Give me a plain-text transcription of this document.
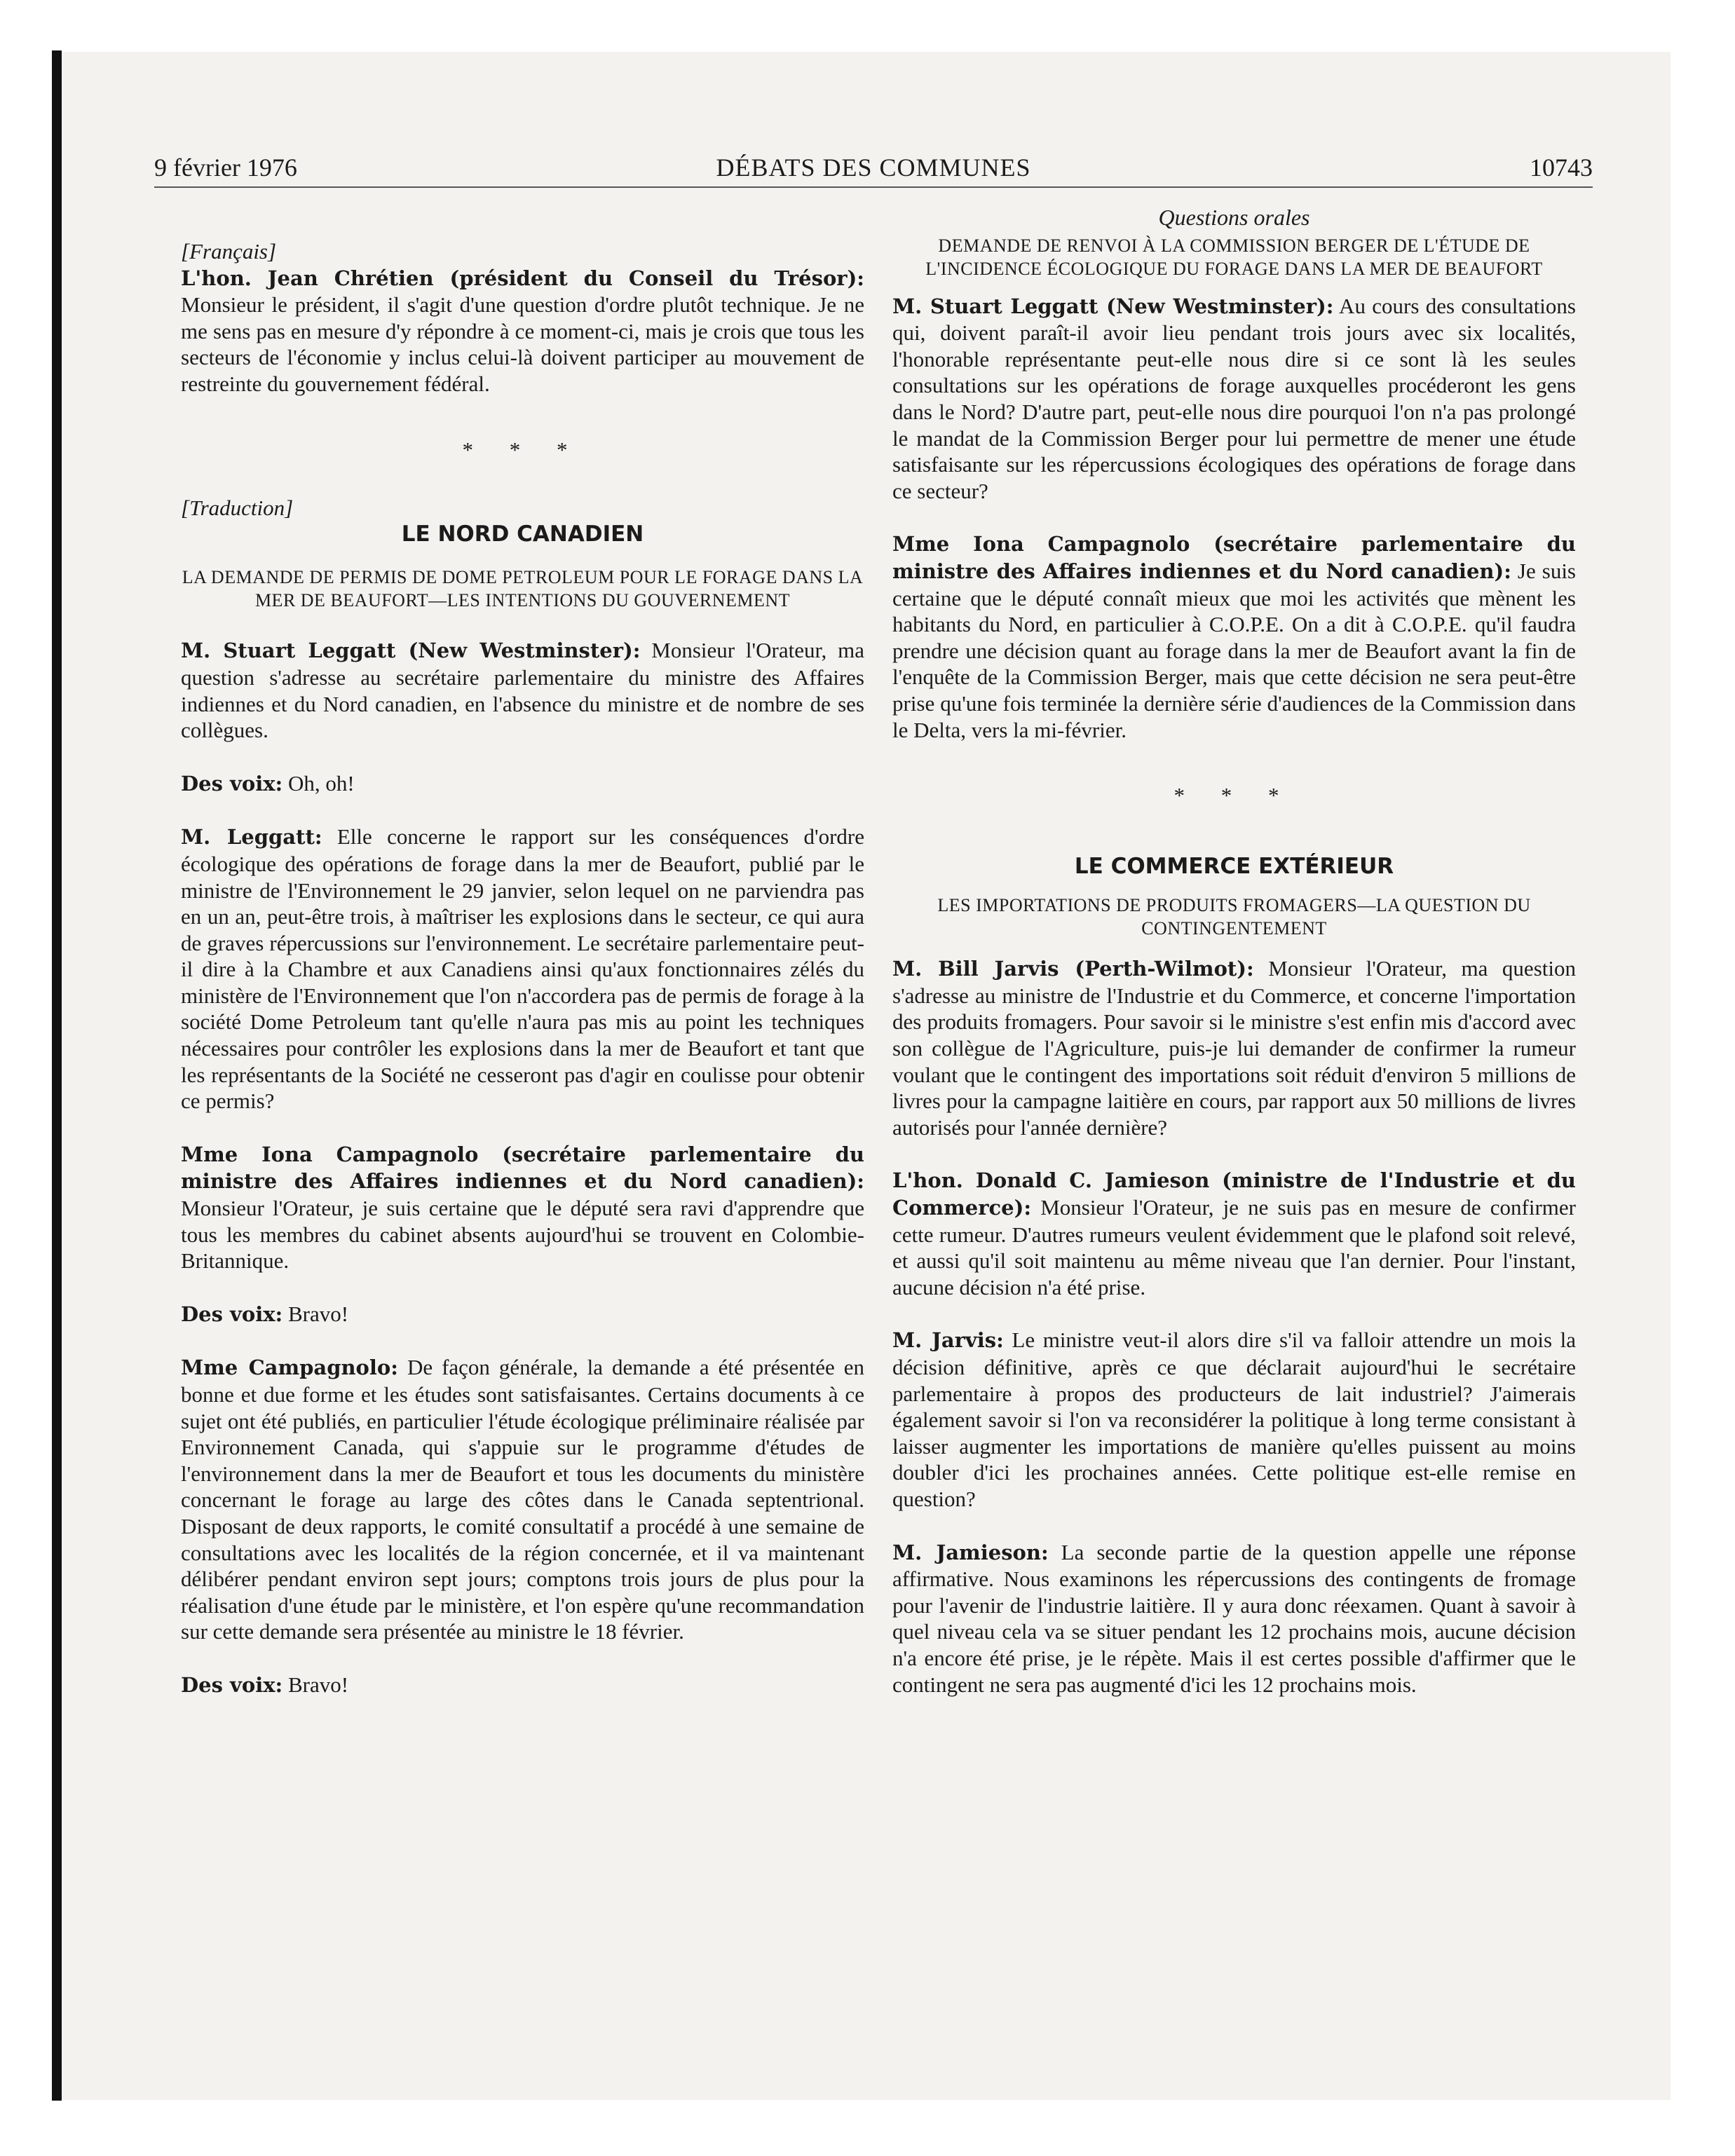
9 février 1976	DÉBATS DES COMMUNES	10743

[Français]

L'hon. Jean Chrétien (président du Conseil du Trésor): Monsieur le président, il s'agit d'une question d'ordre plutôt technique. Je ne me sens pas en mesure d'y répondre à ce moment-ci, mais je crois que tous les secteurs de l'économie y inclus celui-là doivent participer au mouvement de restreinte du gouvernement fédéral.

* * *

[Traduction]

LE NORD CANADIEN

LA DEMANDE DE PERMIS DE DOME PETROLEUM POUR LE FORAGE DANS LA MER DE BEAUFORT—LES INTENTIONS DU GOUVERNEMENT

M. Stuart Leggatt (New Westminster): Monsieur l'Orateur, ma question s'adresse au secrétaire parlementaire du ministre des Affaires indiennes et du Nord canadien, en l'absence du ministre et de nombre de ses collègues.

Des voix: Oh, oh!

M. Leggatt: Elle concerne le rapport sur les conséquences d'ordre écologique des opérations de forage dans la mer de Beaufort, publié par le ministre de l'Environnement le 29 janvier, selon lequel on ne parviendra pas en un an, peut-être trois, à maîtriser les explosions dans le secteur, ce qui aura de graves répercussions sur l'environnement. Le secrétaire parlementaire peut-il dire à la Chambre et aux Canadiens ainsi qu'aux fonctionnaires zélés du ministère de l'Environnement que l'on n'accordera pas de permis de forage à la société Dome Petroleum tant qu'elle n'aura pas mis au point les techniques nécessaires pour contrôler les explosions dans la mer de Beaufort et tant que les représentants de la Société ne cesseront pas d'agir en coulisse pour obtenir ce permis?

Mme Iona Campagnolo (secrétaire parlementaire du ministre des Affaires indiennes et du Nord canadien): Monsieur l'Orateur, je suis certaine que le député sera ravi d'apprendre que tous les membres du cabinet absents aujourd'hui se trouvent en Colombie-Britannique.

Des voix: Bravo!

Mme Campagnolo: De façon générale, la demande a été présentée en bonne et due forme et les études sont satisfaisantes. Certains documents à ce sujet ont été publiés, en particulier l'étude écologique préliminaire réalisée par Environnement Canada, qui s'appuie sur le programme d'études de l'environnement dans la mer de Beaufort et tous les documents du ministère concernant le forage au large des côtes dans le Canada septentrional. Disposant de deux rapports, le comité consultatif a procédé à une semaine de consultations avec les localités de la région concernée, et il va maintenant délibérer pendant environ sept jours; comptons trois jours de plus pour la réalisation d'une étude par le ministère, et l'on espère qu'une recommandation sur cette demande sera présentée au ministre le 18 février.

Des voix: Bravo!

Questions orales

DEMANDE DE RENVOI À LA COMMISSION BERGER DE L'ÉTUDE DE L'INCIDENCE ÉCOLOGIQUE DU FORAGE DANS LA MER DE BEAUFORT

M. Stuart Leggatt (New Westminster): Au cours des consultations qui, doivent paraît-il avoir lieu pendant trois jours avec six localités, l'honorable représentante peut-elle nous dire si ce sont là les seules consultations sur les opérations de forage auxquelles procéderont les gens dans le Nord? D'autre part, peut-elle nous dire pourquoi l'on n'a pas prolongé le mandat de la Commission Berger pour lui permettre de mener une étude satisfaisante sur les répercussions écologiques des opérations de forage dans ce secteur?

Mme Iona Campagnolo (secrétaire parlementaire du ministre des Affaires indiennes et du Nord canadien): Je suis certaine que le député connaît mieux que moi les activités que mènent les habitants du Nord, en particulier à C.O.P.E. On a dit à C.O.P.E. qu'il faudra prendre une décision quant au forage dans la mer de Beaufort avant la fin de l'enquête de la Commission Berger, mais que cette décision ne sera peut-être prise qu'une fois terminée la dernière série d'audiences de la Commission dans le Delta, vers la mi-février.

* * *

LE COMMERCE EXTÉRIEUR

LES IMPORTATIONS DE PRODUITS FROMAGERS—LA QUESTION DU CONTINGENTEMENT

M. Bill Jarvis (Perth-Wilmot): Monsieur l'Orateur, ma question s'adresse au ministre de l'Industrie et du Commerce, et concerne l'importation des produits fromagers. Pour savoir si le ministre s'est enfin mis d'accord avec son collègue de l'Agriculture, puis-je lui demander de confirmer la rumeur voulant que le contingent des importations soit réduit d'environ 5 millions de livres pour la campagne laitière en cours, par rapport aux 50 millions de livres autorisés pour l'année dernière?

L'hon. Donald C. Jamieson (ministre de l'Industrie et du Commerce): Monsieur l'Orateur, je ne suis pas en mesure de confirmer cette rumeur. D'autres rumeurs veulent évidemment que le plafond soit relevé, et aussi qu'il soit maintenu au même niveau que l'an dernier. Pour l'instant, aucune décision n'a été prise.

M. Jarvis: Le ministre veut-il alors dire s'il va falloir attendre un mois la décision définitive, après ce que déclarait aujourd'hui le secrétaire parlementaire à propos des producteurs de lait industriel? J'aimerais également savoir si l'on va reconsidérer la politique à long terme consistant à laisser augmenter les importations de manière qu'elles puissent au moins doubler d'ici les prochaines années. Cette politique est-elle remise en question?

M. Jamieson: La seconde partie de la question appelle une réponse affirmative. Nous examinons les répercussions des contingents de fromage pour l'avenir de l'industrie laitière. Il y aura donc réexamen. Quant à savoir à quel niveau cela va se situer pendant les 12 prochains mois, aucune décision n'a encore été prise, je le répète. Mais il est certes possible d'affirmer que le contingent ne sera pas augmenté d'ici les 12 prochains mois.
